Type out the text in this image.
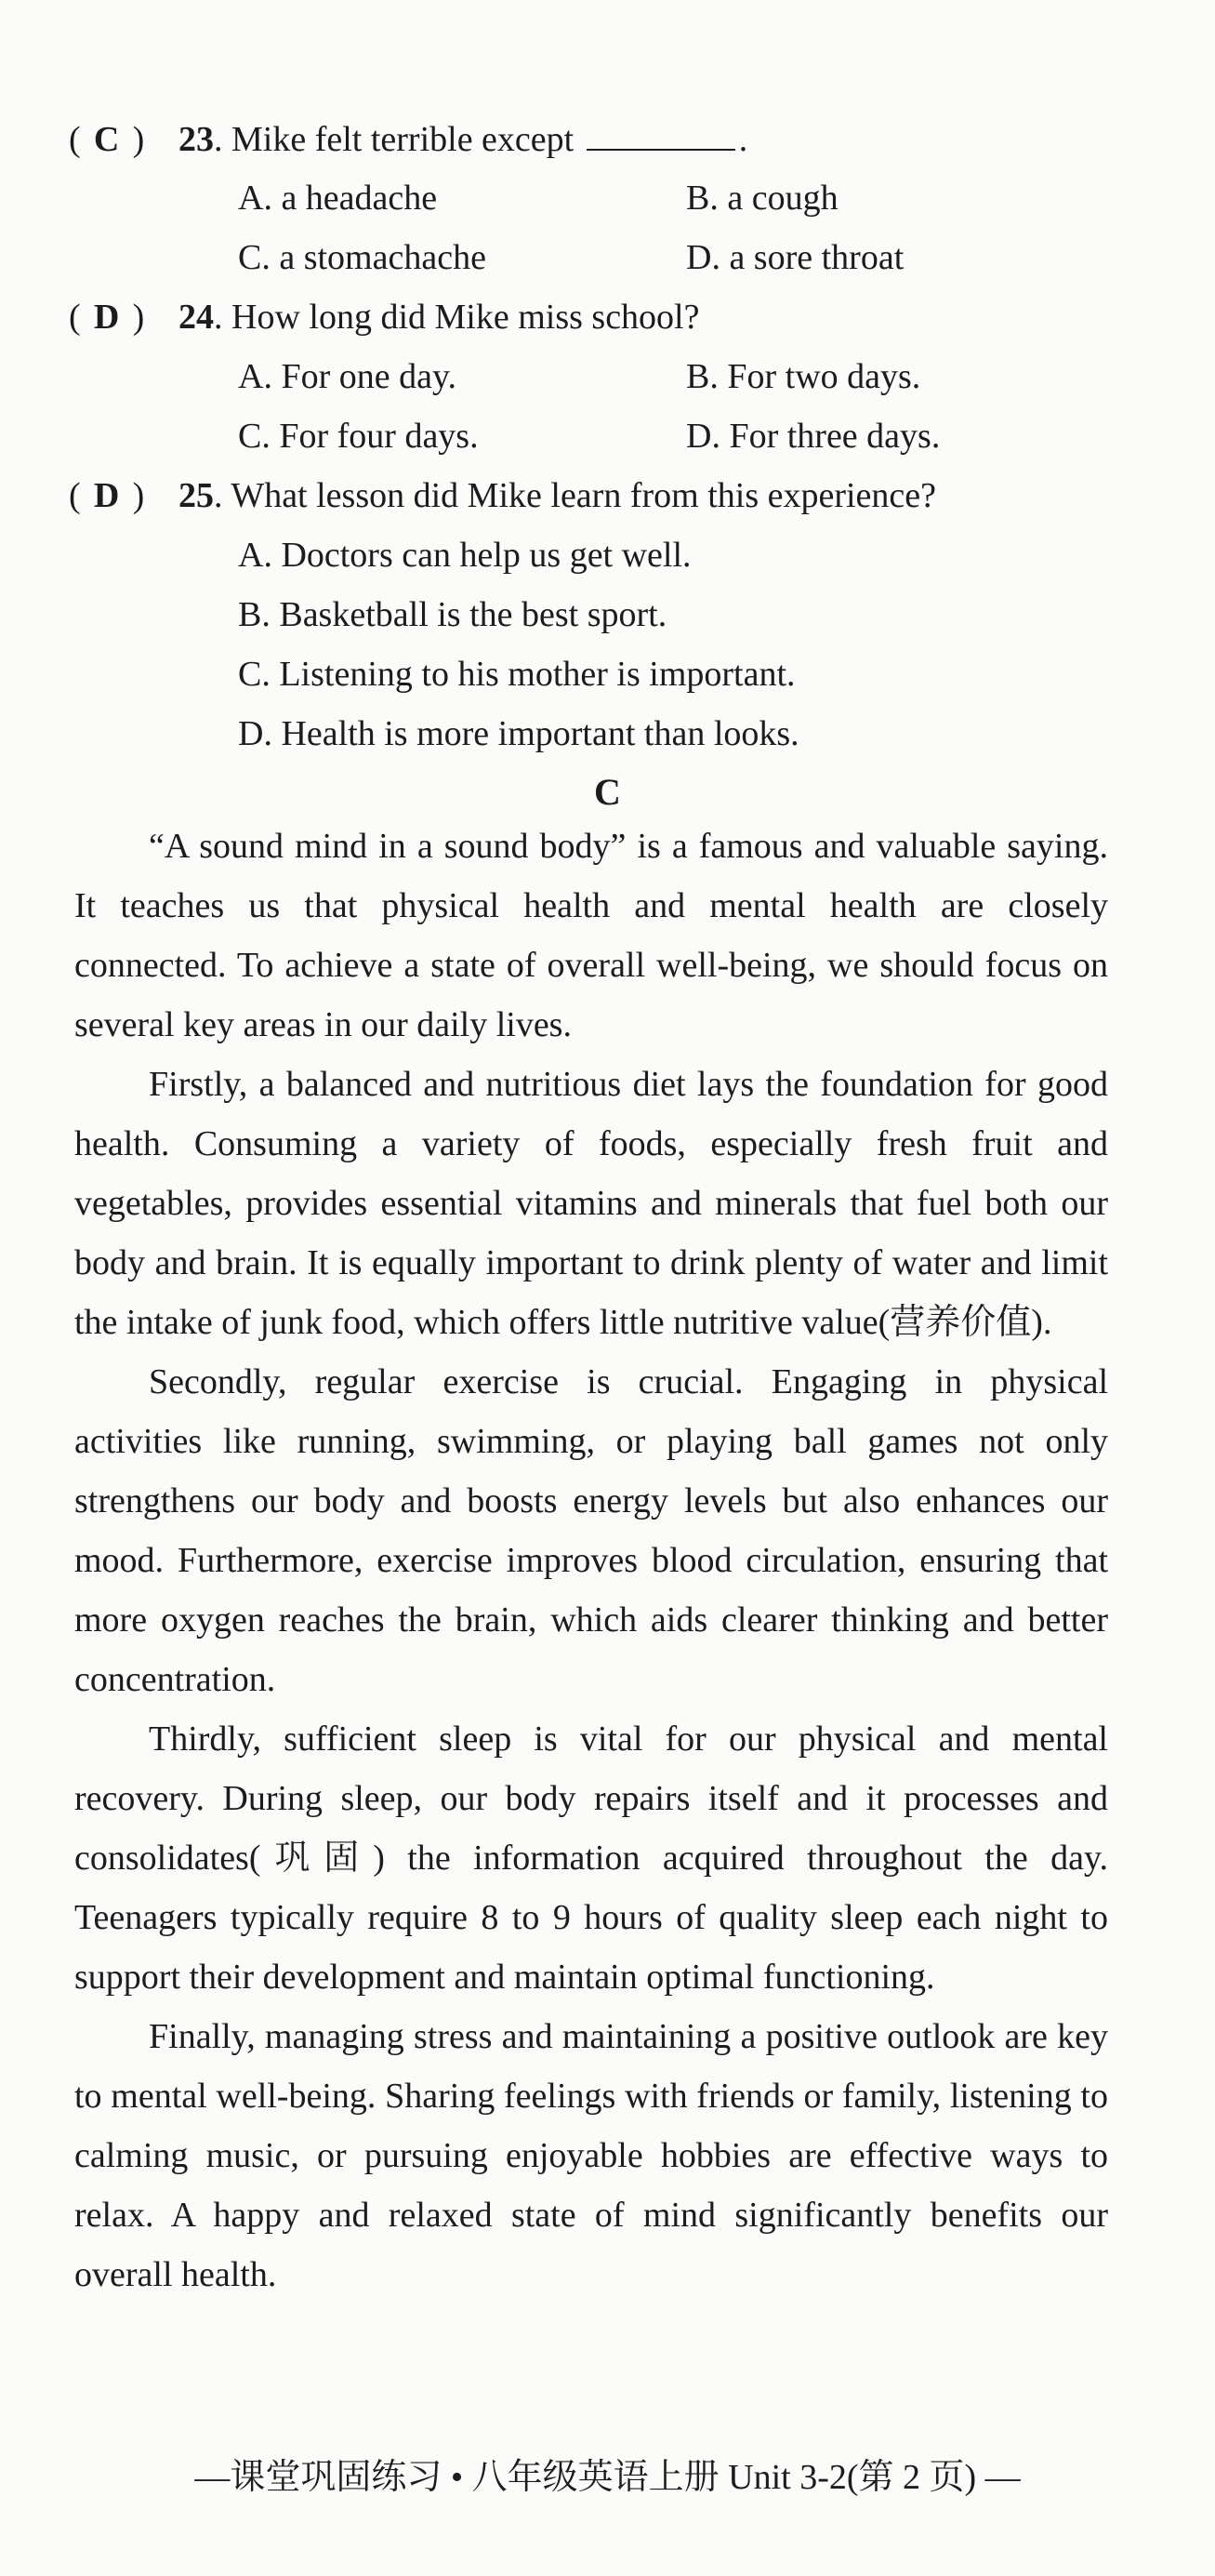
( C ) 23. Mike felt terrible except	.
A. a headache	B. a cough
C. a stomachache	D. a sore throat
( D ) 24. How long did Mike miss school?
A. For one day.	B. For two days.
C. For four days.	D. For three days.
( D ) 25. What lesson did Mike learn from this experience?
A. Doctors can help us get well.
B. Basketball is the best sport.
C. Listening to his mother is important.
D. Health is more important than looks.
C

“A sound mind in a sound body” is a famous and valuable saying. It teaches us that physical health and mental health are closely connected. To achieve a state of overall well-being, we should focus on several key areas in our daily lives.

Firstly, a balanced and nutritious diet lays the foundation for good health. Consuming a variety of foods, especially fresh fruit and vegetables, provides essential vitamins and minerals that fuel both our body and brain. It is equally important to drink plenty of water and limit the intake of junk food, which offers little nutritive value(营养价值).

Secondly, regular exercise is crucial. Engaging in physical activities like running, swimming, or playing ball games not only strengthens our body and boosts energy levels but also enhances our mood. Furthermore, exercise improves blood circulation, ensuring that more oxygen reaches the brain, which aids clearer thinking and better concentration.

Thirdly, sufficient sleep is vital for our physical and mental recovery. During sleep, our body repairs itself and it processes and consolidates(巩固) the information acquired throughout the day. Teenagers typically require 8 to 9 hours of quality sleep each night to support their development and maintain optimal functioning.

Finally, managing stress and maintaining a positive outlook are key to mental well-being. Sharing feelings with friends or family, listening to calming music, or pursuing enjoyable hobbies are effective ways to relax. A happy and relaxed state of mind significantly benefits our overall health.

—课堂巩固练习 • 八年级英语上册 Unit 3-2(第 2 页) —
